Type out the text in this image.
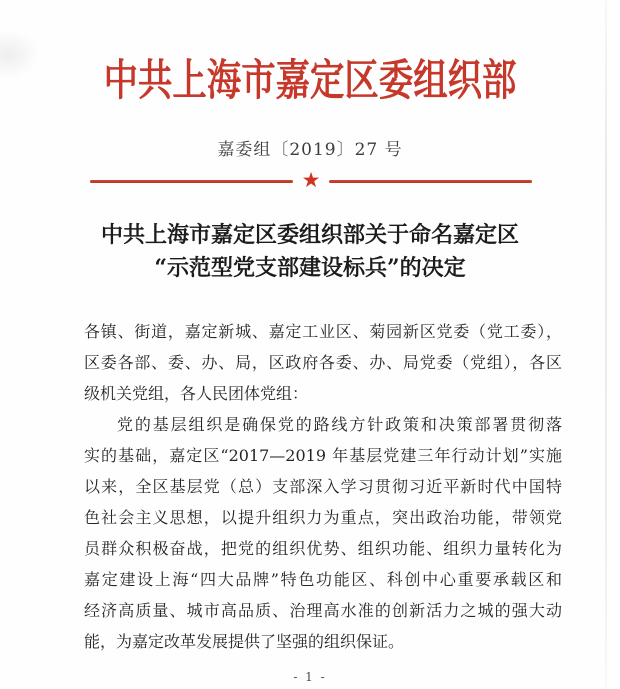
中共上海市嘉定区委组织部
嘉委组〔2019〕27 号
★
中共上海市嘉定区委组织部关于命名嘉定区
“示范型党支部建设标兵”的决定
各镇、街道，嘉定新城、嘉定工业区、菊园新区党委（党工委），
区委各部、委、办、局，区政府各委、办、局党委（党组），各区
级机关党组，各人民团体党组：
党的基层组织是确保党的路线方针政策和决策部署贯彻落
实的基础，嘉定区“2017—2019 年基层党建三年行动计划”实施
以来，全区基层党（总）支部深入学习贯彻习近平新时代中国特
色社会主义思想，以提升组织力为重点，突出政治功能，带领党
员群众积极奋战，把党的组织优势、组织功能、组织力量转化为
嘉定建设上海“四大品牌”特色功能区、科创中心重要承载区和
经济高质量、城市高品质、治理高水准的创新活力之城的强大动
能，为嘉定改革发展提供了坚强的组织保证。
- 1 -
